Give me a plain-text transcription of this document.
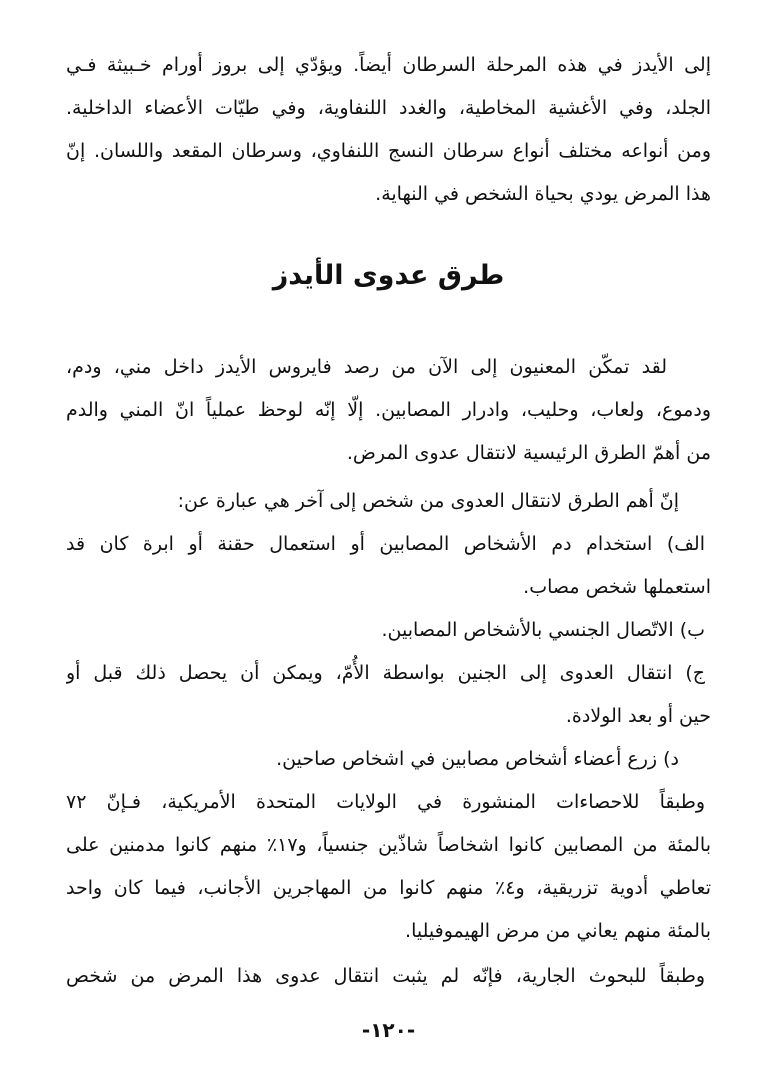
إلى الأيدز في هذه المرحلة السرطان أيضاً. ويؤدّي إلى بروز أورام خـبيثة فـي
الجلد، وفي الأغشية المخاطية، والغدد اللنفاوية، وفي طيّات الأعضاء الداخلية.
ومن أنواعه مختلف أنواع سرطان النسج اللنفاوي، وسرطان المقعد واللسان. إنّ
هذا المرض يودي بحياة الشخص في النهاية.
طرق عدوى الأيدز
لقد تمكّن المعنيون إلى الآن من رصد فايروس الأيدز داخل مني، ودم،
ودموع، ولعاب، وحليب، وادرار المصابين. إلّا إنّه لوحظ عملياً انّ المني والدم
من أهمّ الطرق الرئيسية لانتقال عدوى المرض.
إنّ أهم الطرق لانتقال العدوى من شخص إلى آخر هي عبارة عن:
الف) استخدام دم الأشخاص المصابين أو استعمال حقنة أو ابرة كان قد
استعملها شخص مصاب.
ب) الاتّصال الجنسي بالأشخاص المصابين.
ج) انتقال العدوى إلى الجنين بواسطة الأُمّ، ويمكن أن يحصل ذلك قبل أو
حين أو بعد الولادة.
د) زرع أعضاء أشخاص مصابين في اشخاص صاحين.
وطبقاً للاحصاءات المنشورة في الولايات المتحدة الأمريكية، فـإنّ ٧٢
بالمئة من المصابين كانوا اشخاصاً شاذّين جنسياً، و١٧٪ منهم كانوا مدمنين على
تعاطي أدوية تزريقية، و٤٪ منهم كانوا من المهاجرين الأجانب، فيما كان واحد
بالمئة منهم يعاني من مرض الهيموفيليا.
وطبقاً للبحوث الجارية، فإنّه لم يثبت انتقال عدوى هذا المرض من شخص
-١٢٠-
